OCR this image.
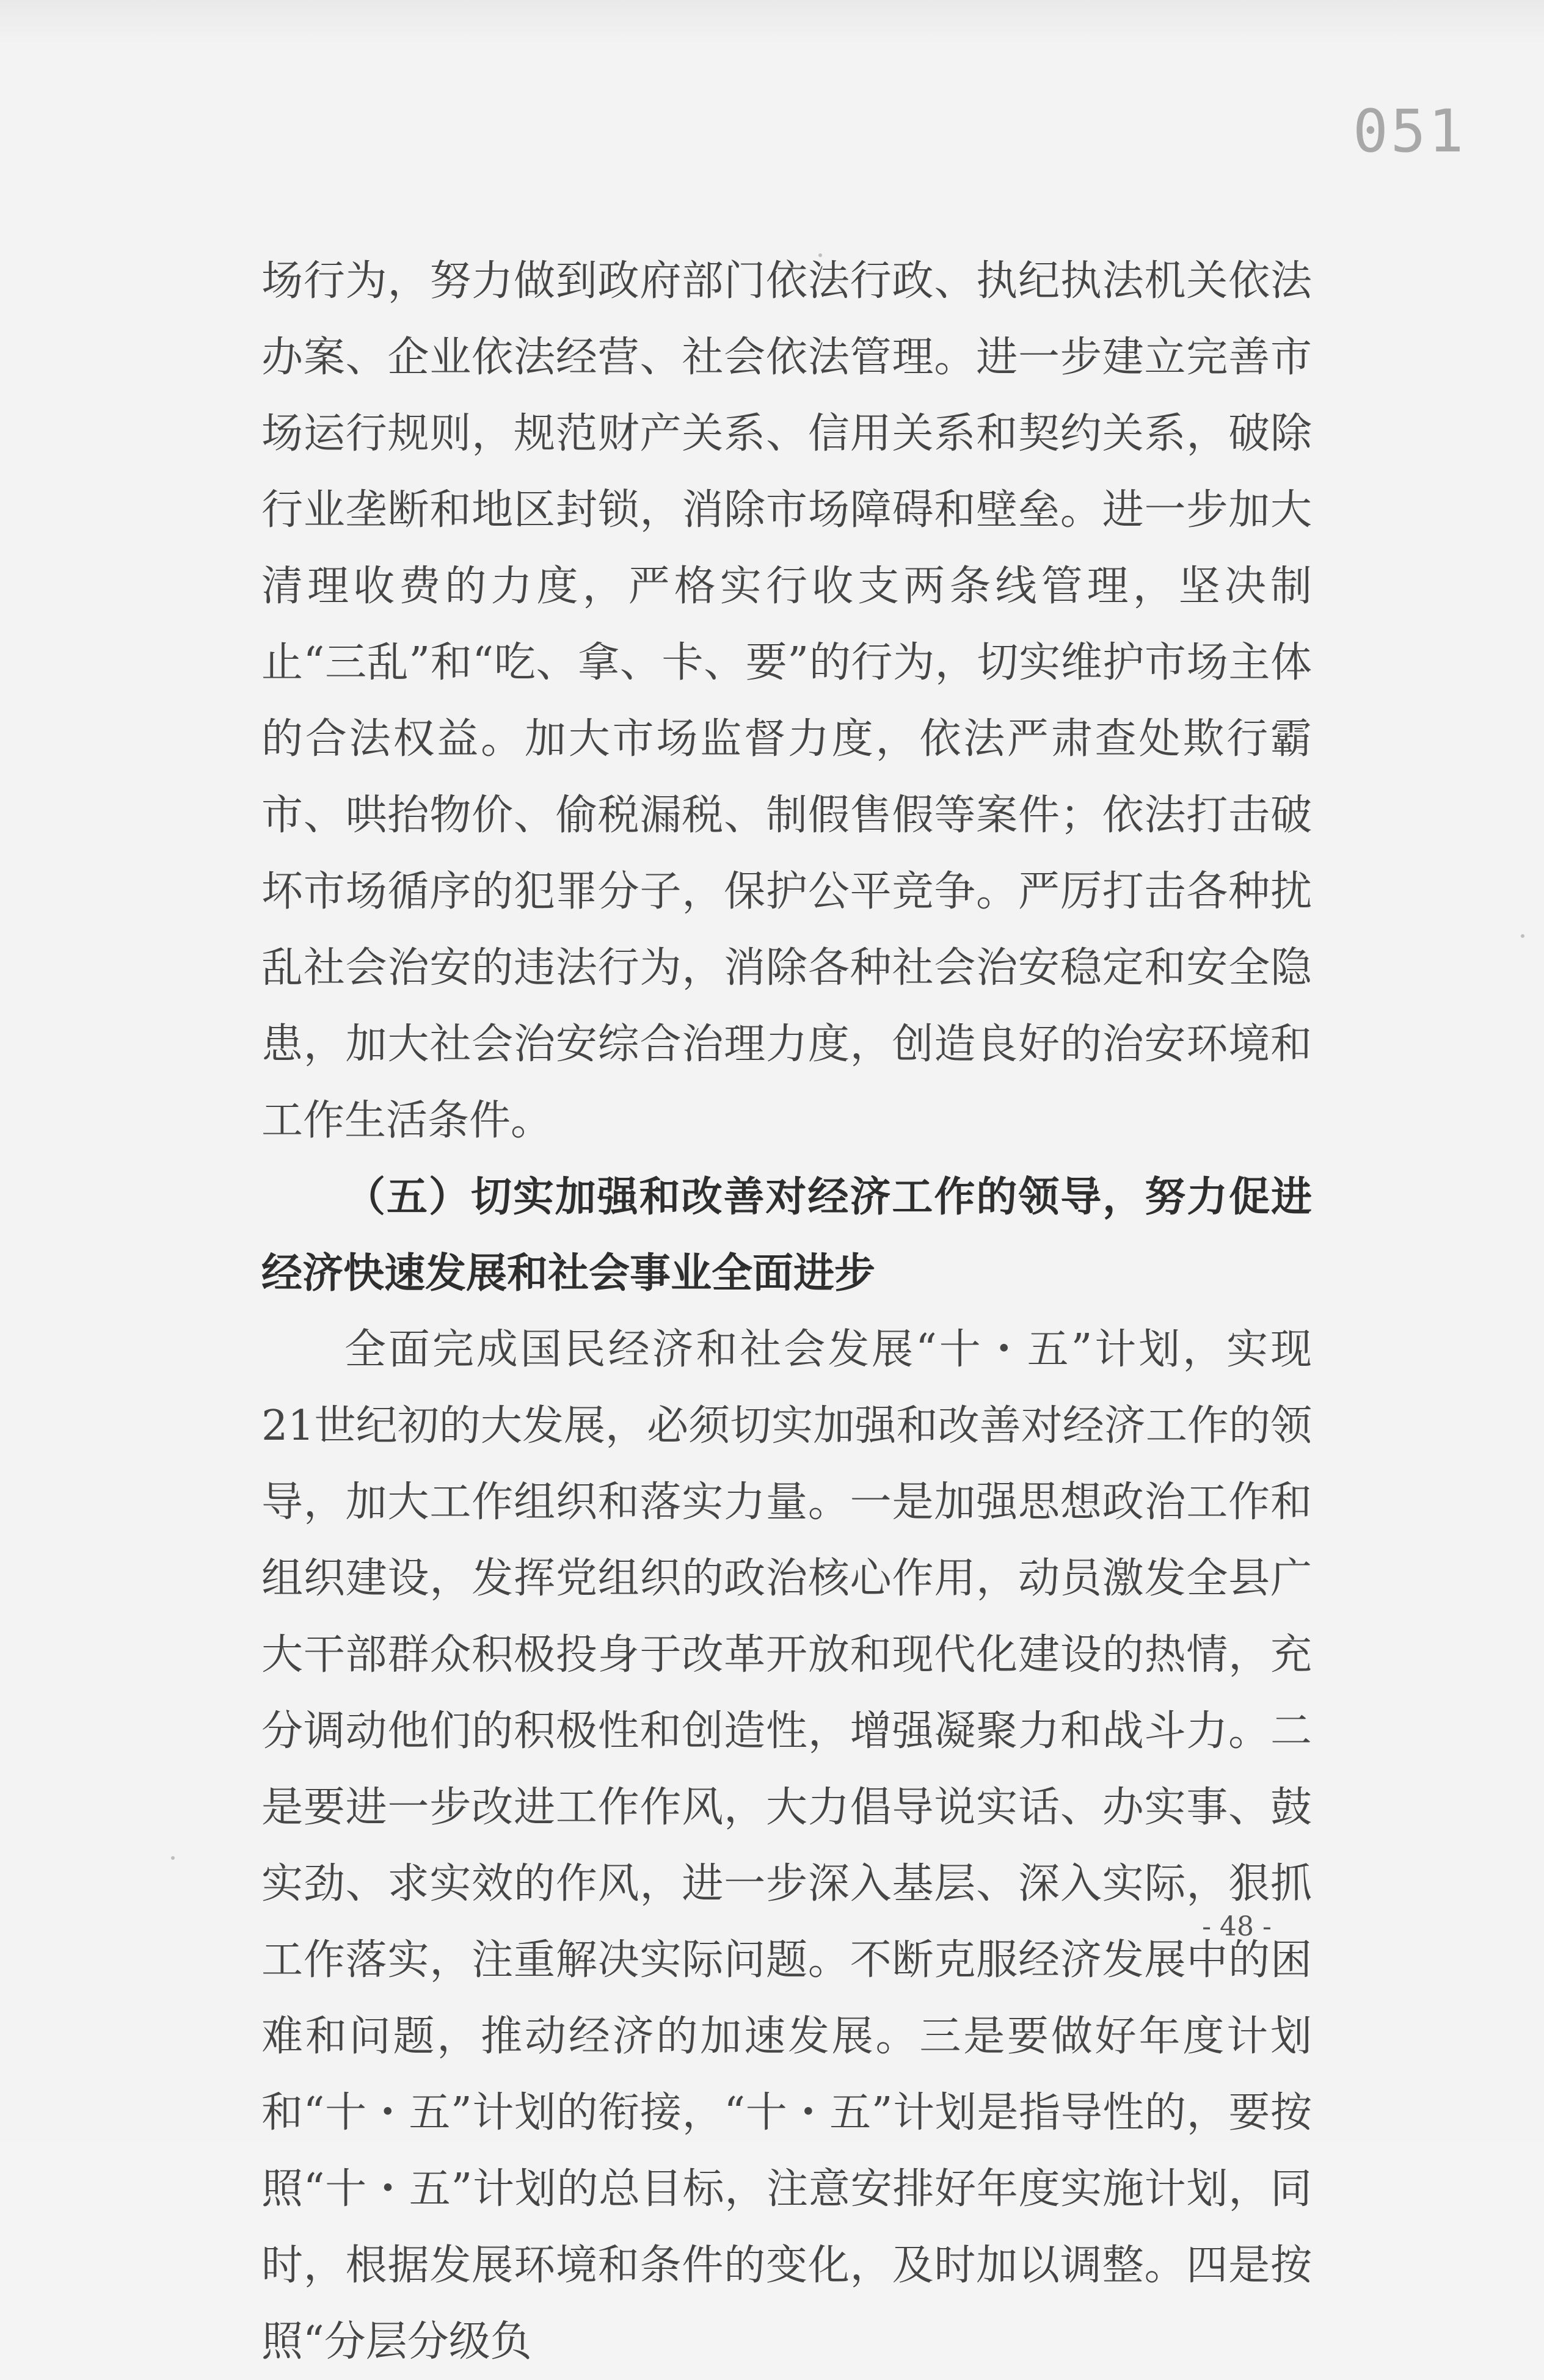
051

场行为，努力做到政府部门依法行政、执纪执法机关依法办案、企业依法经营、社会依法管理。进一步建立完善市场运行规则，规范财产关系、信用关系和契约关系，破除行业垄断和地区封锁，消除市场障碍和壁垒。进一步加大清理收费的力度，严格实行收支两条线管理，坚决制止“三乱”和“吃、拿、卡、要”的行为，切实维护市场主体的合法权益。加大市场监督力度，依法严肃查处欺行霸市、哄抬物价、偷税漏税、制假售假等案件；依法打击破坏市场循序的犯罪分子，保护公平竞争。严厉打击各种扰乱社会治安的违法行为，消除各种社会治安稳定和安全隐患，加大社会治安综合治理力度，创造良好的治安环境和工作生活条件。

（五）切实加强和改善对经济工作的领导，努力促进经济快速发展和社会事业全面进步

全面完成国民经济和社会发展“十・五”计划，实现21世纪初的大发展，必须切实加强和改善对经济工作的领导，加大工作组织和落实力量。一是加强思想政治工作和组织建设，发挥党组织的政治核心作用，动员激发全县广大干部群众积极投身于改革开放和现代化建设的热情，充分调动他们的积极性和创造性，增强凝聚力和战斗力。二是要进一步改进工作作风，大力倡导说实话、办实事、鼓实劲、求实效的作风，进一步深入基层、深入实际，狠抓工作落实，注重解决实际问题。不断克服经济发展中的困难和问题，推动经济的加速发展。三是要做好年度计划和“十・五”计划的衔接，“十・五”计划是指导性的，要按照“十・五”计划的总目标，注意安排好年度实施计划，同时，根据发展环境和条件的变化，及时加以调整。四是按照“分层分级负

- 48 -
